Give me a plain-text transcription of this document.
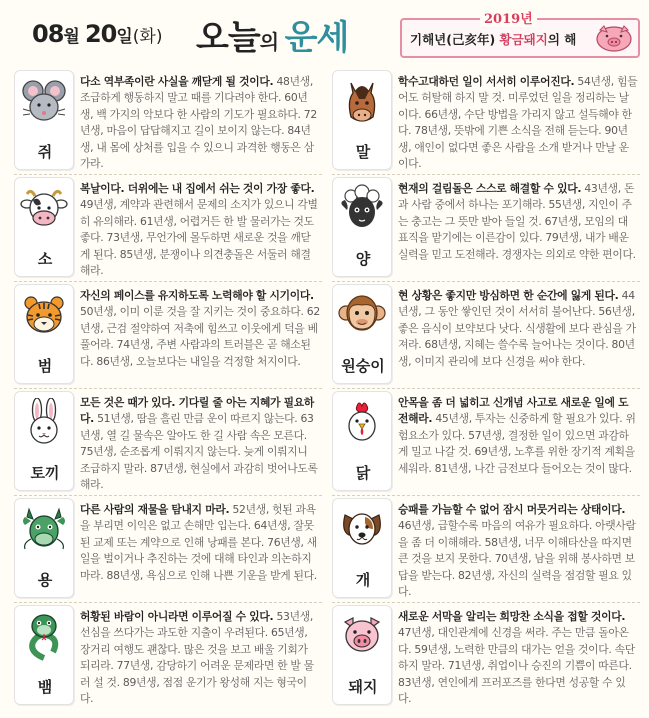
08월 20일(화) 오늘의 운세	2019년
기해년(己亥年) 황금돼지의 해
쥐
다소 역부족이란 사실을 깨닫게 될 것이다. 48년생, 조급하게 행동하지 말고 때를 기다려야 한다. 60년생, 백 가지의 악보다 한 사람의 기도가 필요하다. 72년생, 마음이 답답해지고 길이 보이지 않는다. 84년생, 내 몸에 상처를 입을 수 있으니 과격한 행동은 삼가라.
말
학수고대하던 일이 서서히 이루어진다. 54년생, 힘들어도 허탈해 하지 말 것. 미루었던 일을 정리하는 날이다. 66년생, 수단 방법을 가리지 않고 설득해야 한다. 78년생, 뜻밖에 기쁜 소식을 전해 듣는다. 90년생, 애인이 없다면 좋은 사람을 소개 받거나 만날 운이다.
소
복날이다. 더위에는 내 집에서 쉬는 것이 가장 좋다. 49년생, 계약과 관련해서 문제의 소지가 있으니 각별히 유의해라. 61년생, 어렵거든 한 발 물러가는 것도 좋다. 73년생, 무언가에 몰두하면 새로운 것을 깨닫게 된다. 85년생, 분쟁이나 의견충돌은 서둘러 해결해라.
양
현재의 걸림돌은 스스로 해결할 수 있다. 43년생, 돈과 사람 중에서 하나는 포기해라. 55년생, 지인이 주는 충고는 그 뜻만 받아 들일 것. 67년생, 모임의 대표직을 맡기에는 이른감이 있다. 79년생, 내가 배운 실력을 믿고 도전해라. 경쟁자는 의외로 약한 편이다.
범
자신의 페이스를 유지하도록 노력해야 할 시기이다. 50년생, 이미 이룬 것을 잘 지키는 것이 중요하다. 62년생, 근검 절약하여 저축에 힘쓰고 이웃에게 덕을 베풀어라. 74년생, 주변 사람과의 트러블은 곧 해소된다. 86년생, 오늘보다는 내일을 걱정할 처지이다.	원숭이
현 상황은 좋지만 방심하면 한 순간에 잃게 된다. 44년생, 그 동안 쌓인던 것이 서서히 불어난다. 56년생, 좋은 음식이 보약보다 낫다. 식생활에 보다 관심을 가져라. 68년생, 지혜는 쓸수록 늘어나는 것이다. 80년생, 이미지 관리에 보다 신경을 써야 한다.
토끼
모든 것은 때가 있다. 기다릴 줄 아는 지혜가 필요하다. 51년생, 땀을 흘린 만큼 운이 따르지 않는다. 63년생, 열 길 물속은 알아도 한 길 사람 속은 모른다. 75년생, 순조롭게 이뤄지지 않는다. 늦게 이뤄지니 조급하지 말라. 87년생, 현실에서 과감히 벗어나도록 해라.
닭
안목을 좀 더 넓히고 신개념 사고로 새로운 일에 도전해라. 45년생, 투자는 신중하게 할 필요가 있다. 위험요소가 있다. 57년생, 결정한 일이 있으면 과감하게 밀고 나갈 것. 69년생, 노후를 위한 장기적 계획을 세워라. 81년생, 나간 금전보다 들어오는 것이 많다.
용
다른 사람의 재물을 탐내지 마라. 52년생, 헛된 과욕을 부리면 이익은 없고 손해만 입는다. 64년생, 잘못된 교제 또는 계약으로 인해 낭패를 본다. 76년생, 새 일을 벌이거나 추진하는 것에 대해 타인과 의논하지 마라. 88년생, 욕심으로 인해 나쁜 기운을 받게 된다.	개
승패를 가늠할 수 없어 잠시 머뭇거리는 상태이다. 46년생, 급할수록 마음의 여유가 필요하다. 아랫사람을 좀 더 이해해라. 58년생, 너무 이해타산을 따지면 큰 것을 보지 못한다. 70년생, 남을 위해 봉사하면 보답을 받는다. 82년생, 자신의 실력을 점검할 필요 있다.
뱀
허황된 바람이 아니라면 이루어질 수 있다. 53년생, 선심을 쓰다가는 과도한 지출이 우려된다. 65년생, 장거리 여행도 괜찮다. 많은 것을 보고 배울 기회가 되리라. 77년생, 감당하기 어려운 문제라면 한 발 물러 설 것. 89년생, 점점 운기가 왕성해 지는 형국이다.
돼지
새로운 서막을 알리는 희망찬 소식을 접할 것이다. 47년생, 대인관계에 신경을 써라. 주는 만큼 돌아온다. 59년생, 노력한 만큼의 대가는 얻을 것이다. 속단하지 말라. 71년생, 취업이나 승진의 기쁨이 따른다. 83년생, 연인에게 프러포즈를 한다면 성공할 수 있다.
